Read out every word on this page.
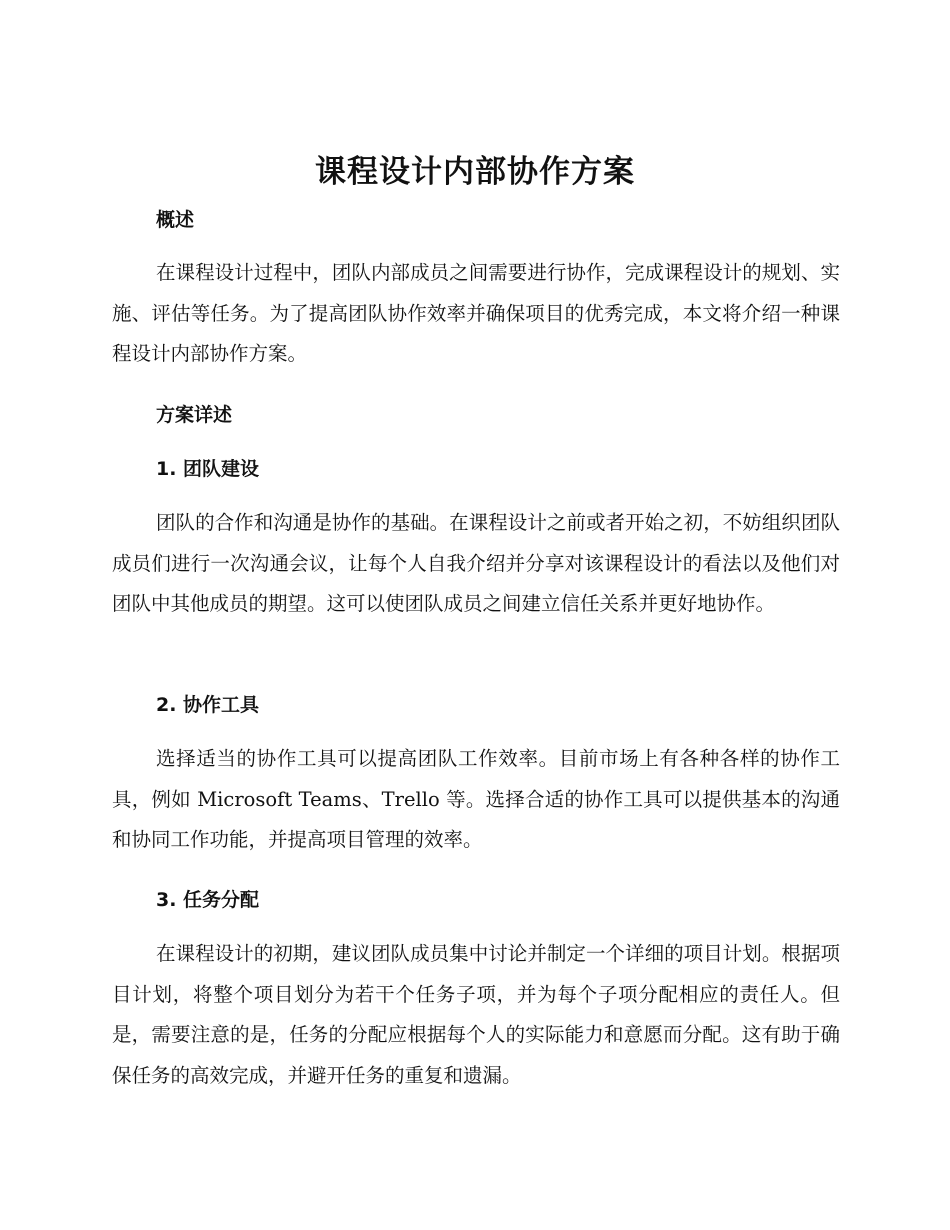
课程设计内部协作方案
概述
在课程设计过程中，团队内部成员之间需要进行协作，完成课程设计的规划、实施、评估等任务。为了提高团队协作效率并确保项目的优秀完成，本文将介绍一种课程设计内部协作方案。
方案详述
1. 团队建设
团队的合作和沟通是协作的基础。在课程设计之前或者开始之初，不妨组织团队成员们进行一次沟通会议，让每个人自我介绍并分享对该课程设计的看法以及他们对团队中其他成员的期望。这可以使团队成员之间建立信任关系并更好地协作。
2. 协作工具
选择适当的协作工具可以提高团队工作效率。目前市场上有各种各样的协作工具，例如 Microsoft Teams、Trello 等。选择合适的协作工具可以提供基本的沟通和协同工作功能，并提高项目管理的效率。
3. 任务分配
在课程设计的初期，建议团队成员集中讨论并制定一个详细的项目计划。根据项目计划，将整个项目划分为若干个任务子项，并为每个子项分配相应的责任人。但是，需要注意的是，任务的分配应根据每个人的实际能力和意愿而分配。这有助于确保任务的高效完成，并避开任务的重复和遗漏。
